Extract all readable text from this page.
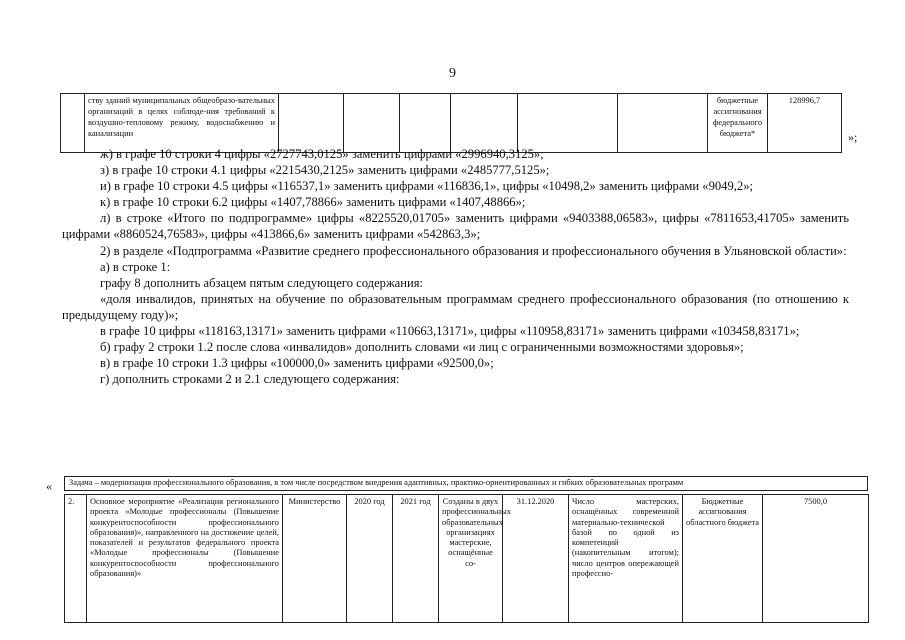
9
	ству зданий муниципальных общеобразо-вательных организаций в целях соблюде-ния требований к воздушно-тепловому режиму, водоснабжению и канализации							бюджетные ассигнования федерального бюджета*	128996,7
»;

ж) в графе 10 строки 4 цифры «2727743,0125» заменить цифрами «2996940,3125»;

з) в графе 10 строки 4.1 цифры «2215430,2125» заменить цифрами «2485777,5125»;

и) в графе 10 строки 4.5 цифры «116537,1» заменить цифрами «116836,1», цифры «10498,2» заменить цифрами «9049,2»;

к) в графе 10 строки 6.2 цифры «1407,78866» заменить цифрами «1407,48866»;

л) в строке «Итого по подпрограмме» цифры «8225520,01705» заменить цифрами «9403388,06583», цифры «7811653,41705» заменить цифрами «8860524,76583», цифры «413866,6» заменить цифрами «542863,3»;

2) в разделе «Подпрограмма «Развитие среднего профессионального образования и профессионального обучения в Ульяновской области»:

а) в строке 1:

графу 8 дополнить абзацем пятым следующего содержания:

«доля инвалидов, принятых на обучение по образовательным программам среднего профессионального образования (по отношению к предыдущему году)»;

в графе 10 цифры «118163,13171» заменить цифрами «110663,13171», цифры «110958,83171» заменить цифрами «103458,83171»;

б) графу 2 строки 1.2 после слова «инвалидов» дополнить словами «и лиц с ограниченными возможностями здоровья»;

в) в графе 10 строки 1.3 цифры «100000,0» заменить цифрами «92500,0»;

г) дополнить строками 2 и 2.1 следующего содержания:

« Задача – модернизация профессионального образования, в том числе посредством внедрения адаптивных, практико-ориентированных и гибких образовательных программ
2.	Основное мероприятие «Реализация регионального проекта «Молодые профессионалы (Повышение конкурентоспособности профессионального образования)», направленного на достижение целей, показателей и результатов федерального проекта «Молодые профессионалы (Повышение конкурентоспособности профессионального образования)»	Министерство	2020 год	2021 год	Созданы в двух профессиональных образовательных организациях мастерские, оснащённые со-	31.12.2020	Число мастерских, оснащённых современной материально-технической базой по одной из компетенций (накопительным итогом); число центров опережающей профессио-	Бюджетные ассигнования областного бюджета	7500,0
